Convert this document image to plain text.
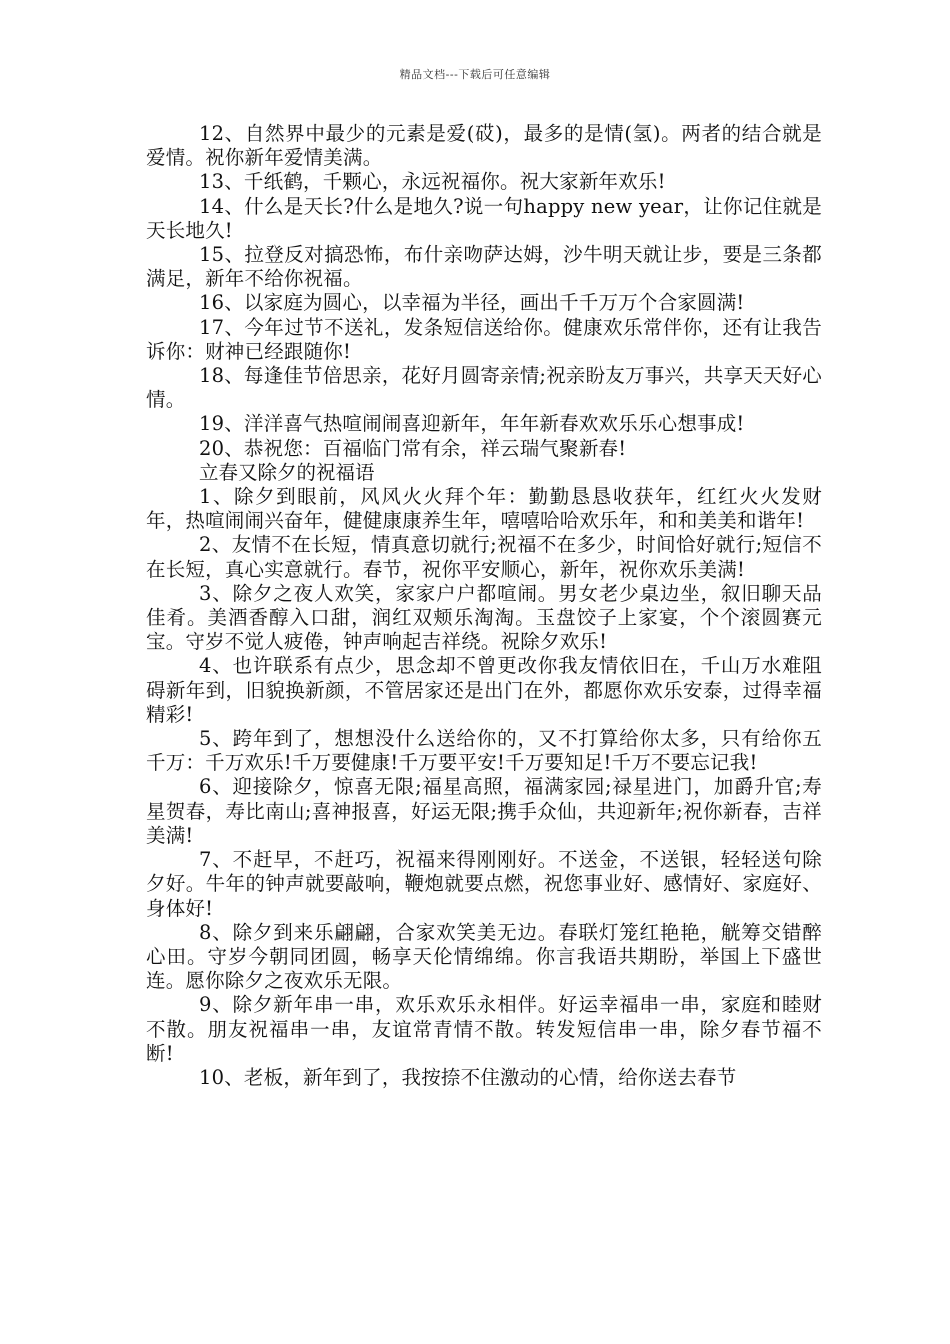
精品文档---下载后可任意编辑

12、自然界中最少的元素是爱(砹)，最多的是情(氢)。两者的结合就是爱情。祝你新年爱情美满。

13、千纸鹤，千颗心，永远祝福你。祝大家新年欢乐!

14、什么是天长?什么是地久?说一句happy new year，让你记住就是天长地久!

15、拉登反对搞恐怖，布什亲吻萨达姆，沙牛明天就让步，要是三条都满足，新年不给你祝福。

16、以家庭为圆心，以幸福为半径，画出千千万万个合家圆满!

17、今年过节不送礼，发条短信送给你。健康欢乐常伴你，还有让我告诉你：财神已经跟随你!

18、每逢佳节倍思亲，花好月圆寄亲情;祝亲盼友万事兴，共享天天好心情。

19、洋洋喜气热喧闹闹喜迎新年，年年新春欢欢乐乐心想事成!

20、恭祝您：百福临门常有余，祥云瑞气聚新春!

立春又除夕的祝福语

1、除夕到眼前，风风火火拜个年：勤勤恳恳收获年，红红火火发财年，热喧闹闹兴奋年，健健康康养生年，嘻嘻哈哈欢乐年，和和美美和谐年!

2、友情不在长短，情真意切就行;祝福不在多少，时间恰好就行;短信不在长短，真心实意就行。春节，祝你平安顺心，新年，祝你欢乐美满!

3、除夕之夜人欢笑，家家户户都喧闹。男女老少桌边坐，叙旧聊天品佳肴。美酒香醇入口甜，润红双颊乐淘淘。玉盘饺子上家宴，个个滚圆赛元宝。守岁不觉人疲倦，钟声响起吉祥绕。祝除夕欢乐!

4、也许联系有点少，思念却不曾更改你我友情依旧在，千山万水难阻碍新年到，旧貌换新颜，不管居家还是出门在外，都愿你欢乐安泰，过得幸福精彩!

5、跨年到了，想想没什么送给你的，又不打算给你太多，只有给你五千万：千万欢乐!千万要健康!千万要平安!千万要知足!千万不要忘记我!

6、迎接除夕，惊喜无限;福星高照，福满家园;禄星进门，加爵升官;寿星贺春，寿比南山;喜神报喜，好运无限;携手众仙，共迎新年;祝你新春，吉祥美满!

7、不赶早，不赶巧，祝福来得刚刚好。不送金，不送银，轻轻送句除夕好。牛年的钟声就要敲响，鞭炮就要点燃，祝您事业好、感情好、家庭好、身体好!

8、除夕到来乐翩翩，合家欢笑美无边。春联灯笼红艳艳，觥筹交错醉心田。守岁今朝同团圆，畅享天伦情绵绵。你言我语共期盼，举国上下盛世连。愿你除夕之夜欢乐无限。

9、除夕新年串一串，欢乐欢乐永相伴。好运幸福串一串，家庭和睦财不散。朋友祝福串一串，友谊常青情不散。转发短信串一串，除夕春节福不断!

10、老板，新年到了，我按捺不住激动的心情，给你送去春节
